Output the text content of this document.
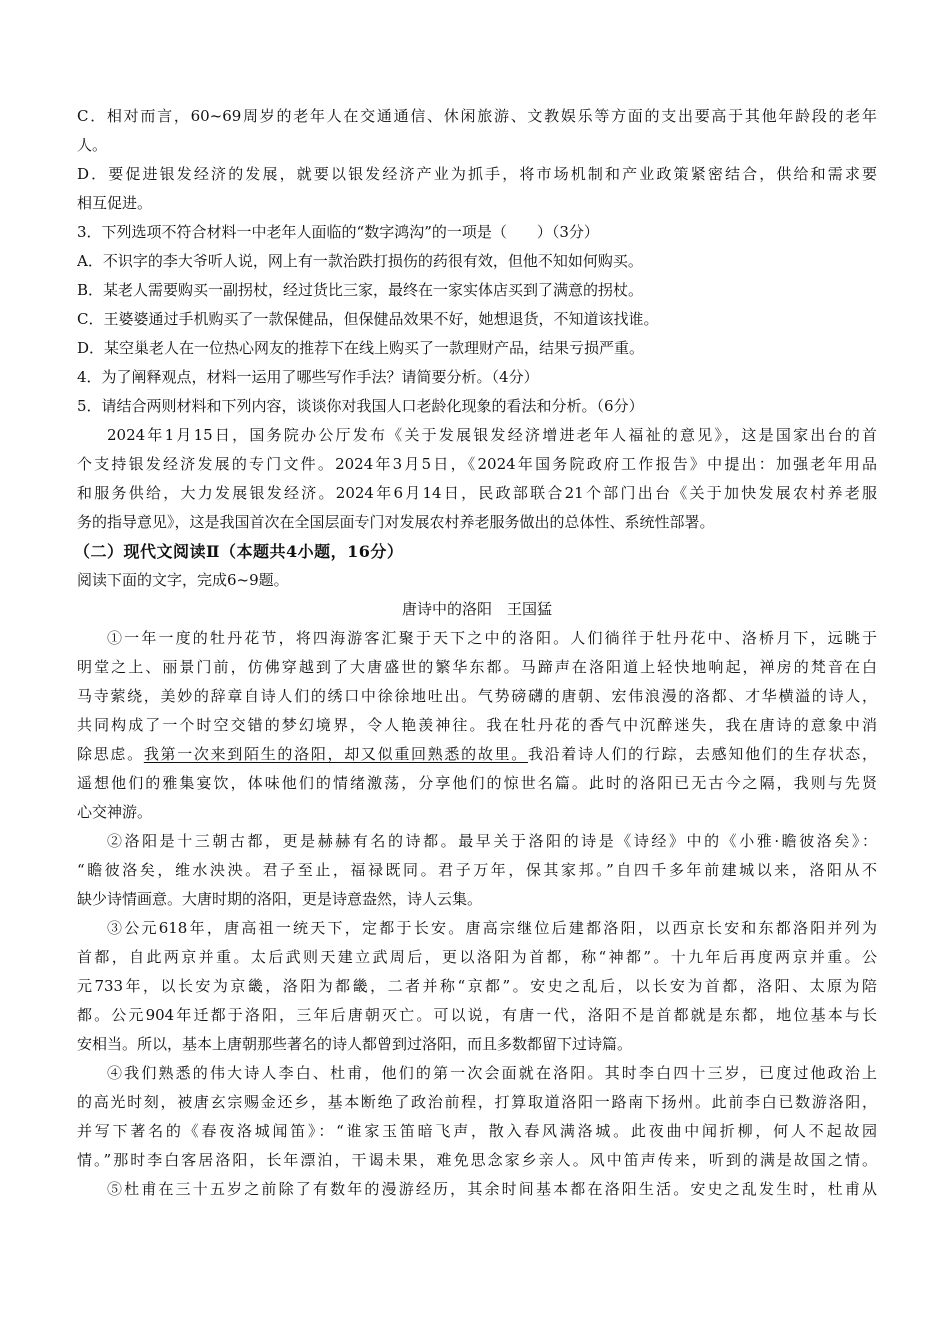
C．相对而言，60~69周岁的老年人在交通通信、休闲旅游、文教娱乐等方面的支出要高于其他年龄段的老年
人。
D．要促进银发经济的发展，就要以银发经济产业为抓手，将市场机制和产业政策紧密结合，供给和需求要
相互促进。
3．下列选项不符合材料一中老年人面临的“数字鸿沟”的一项是（　　）（3分）
A．不识字的李大爷听人说，网上有一款治跌打损伤的药很有效，但他不知如何购买。
B．某老人需要购买一副拐杖，经过货比三家，最终在一家实体店买到了满意的拐杖。
C．王婆婆通过手机购买了一款保健品，但保健品效果不好，她想退货，不知道该找谁。
D．某空巢老人在一位热心网友的推荐下在线上购买了一款理财产品，结果亏损严重。
4．为了阐释观点，材料一运用了哪些写作手法？请简要分析。（4分）
5．请结合两则材料和下列内容，谈谈你对我国人口老龄化现象的看法和分析。（6分）
2024年1月15日，国务院办公厅发布《关于发展银发经济增进老年人福祉的意见》，这是国家出台的首
个支持银发经济发展的专门文件。2024年3月5日，《2024年国务院政府工作报告》中提出：加强老年用品
和服务供给，大力发展银发经济。2024年6月14日，民政部联合21个部门出台《关于加快发展农村养老服
务的指导意见》，这是我国首次在全国层面专门对发展农村养老服务做出的总体性、系统性部署。
（二）现代文阅读Ⅱ（本题共4小题，16分）
阅读下面的文字，完成6~9题。
唐诗中的洛阳　王国猛
①一年一度的牡丹花节，将四海游客汇聚于天下之中的洛阳。人们徜徉于牡丹花中、洛桥月下，远眺于
明堂之上、丽景门前，仿佛穿越到了大唐盛世的繁华东都。马蹄声在洛阳道上轻快地响起，禅房的梵音在白
马寺萦绕，美妙的辞章自诗人们的绣口中徐徐地吐出。气势磅礴的唐朝、宏伟浪漫的洛都、才华横溢的诗人，
共同构成了一个时空交错的梦幻境界，令人艳羡神往。我在牡丹花的香气中沉醉迷失，我在唐诗的意象中消
除思虑。我第一次来到陌生的洛阳，却又似重回熟悉的故里。我沿着诗人们的行踪，去感知他们的生存状态，
遥想他们的雅集宴饮，体味他们的情绪激荡，分享他们的惊世名篇。此时的洛阳已无古今之隔，我则与先贤
心交神游。
②洛阳是十三朝古都，更是赫赫有名的诗都。最早关于洛阳的诗是《诗经》中的《小雅·瞻彼洛矣》：
“瞻彼洛矣，维水泱泱。君子至止，福禄既同。君子万年，保其家邦。”自四千多年前建城以来，洛阳从不
缺少诗情画意。大唐时期的洛阳，更是诗意盎然，诗人云集。
③公元618年，唐高祖一统天下，定都于长安。唐高宗继位后建都洛阳，以西京长安和东都洛阳并列为
首都，自此两京并重。太后武则天建立武周后，更以洛阳为首都，称“神都”。十九年后再度两京并重。公
元733年，以长安为京畿，洛阳为都畿，二者并称“京都”。安史之乱后，以长安为首都，洛阳、太原为陪
都。公元904年迁都于洛阳，三年后唐朝灭亡。可以说，有唐一代，洛阳不是首都就是东都，地位基本与长
安相当。所以，基本上唐朝那些著名的诗人都曾到过洛阳，而且多数都留下过诗篇。
④我们熟悉的伟大诗人李白、杜甫，他们的第一次会面就在洛阳。其时李白四十三岁，已度过他政治上
的高光时刻，被唐玄宗赐金还乡，基本断绝了政治前程，打算取道洛阳一路南下扬州。此前李白已数游洛阳，
并写下著名的《春夜洛城闻笛》：“谁家玉笛暗飞声，散入春风满洛城。此夜曲中闻折柳，何人不起故园
情。”那时李白客居洛阳，长年漂泊，干谒未果，难免思念家乡亲人。风中笛声传来，听到的满是故国之情。
⑤杜甫在三十五岁之前除了有数年的漫游经历，其余时间基本都在洛阳生活。安史之乱发生时，杜甫从
